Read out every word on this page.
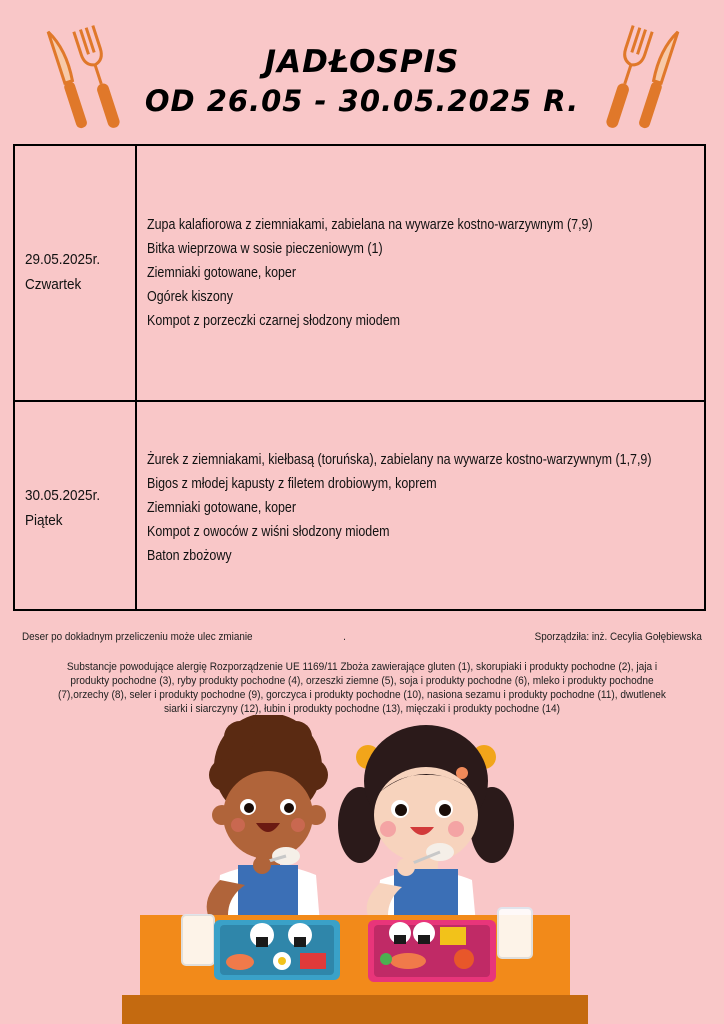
JADŁOSPIS
OD 26.05 - 30.05.2025 R.
29.05.2025r.
Czwartek
Zupa kalafiorowa z ziemniakami, zabielana na wywarze kostno-warzywnym (7,9)
Bitka wieprzowa w sosie pieczeniowym (1)
Ziemniaki gotowane, koper
Ogórek kiszony
Kompot z porzeczki czarnej słodzony miodem
30.05.2025r.
Piątek
Żurek z ziemniakami, kiełbasą (toruńska), zabielany na wywarze kostno-warzywnym (1,7,9)
Bigos z młodej kapusty z filetem drobiowym, koprem
Ziemniaki gotowane, koper
Kompot z owoców z wiśni słodzony miodem
Baton zbożowy
Deser po dokładnym przeliczeniu może ulec zmianie	.	Sporządziła: inż. Cecylia Gołębiewska
Substancje powodujące alergię Rozporządzenie UE 1169/11 Zboża zawierające gluten (1), skorupiaki i produkty pochodne (2), jaja i produkty pochodne (3), ryby produkty pochodne (4), orzeszki ziemne (5), soja i produkty pochodne (6), mleko i produkty pochodne (7),orzechy (8), seler i produkty pochodne (9), gorczyca i produkty pochodne (10), nasiona sezamu i produkty pochodne (11), dwutlenek siarki i siarczyny (12), łubin i produkty pochodne (13), mięczaki i produkty pochodne (14)
